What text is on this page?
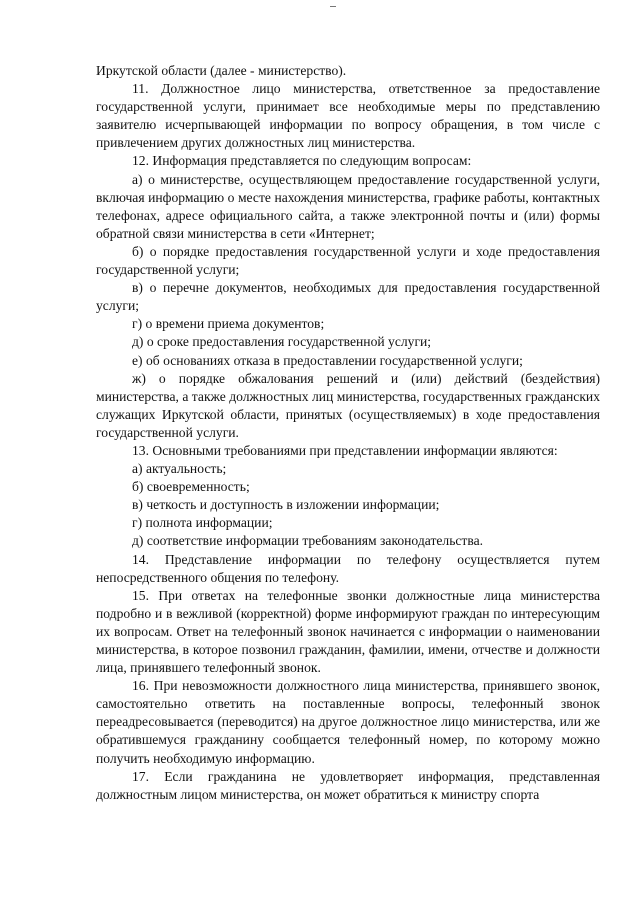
Иркутской области (далее - министерство).

11. Должностное лицо министерства, ответственное за предоставление государственной услуги, принимает все необходимые меры по представлению заявителю исчерпывающей информации по вопросу обращения, в том числе с привлечением других должностных лиц министерства.

12. Информация представляется по следующим вопросам:

а) о министерстве, осуществляющем предоставление государственной услуги, включая информацию о месте нахождения министерства, графике работы, контактных телефонах, адресе официального сайта, а также электронной почты и (или) формы обратной связи министерства в сети «Интернет;

б) о порядке предоставления государственной услуги и ходе предоставления государственной услуги;

в) о перечне документов, необходимых для предоставления государственной услуги;

г) о времени приема документов;

д) о сроке предоставления государственной услуги;

е) об основаниях отказа в предоставлении государственной услуги;

ж) о порядке обжалования решений и (или) действий (бездействия) министерства, а также должностных лиц министерства, государственных гражданских служащих Иркутской области, принятых (осуществляемых) в ходе предоставления государственной услуги.

13. Основными требованиями при представлении информации являются:

а) актуальность;

б) своевременность;

в) четкость и доступность в изложении информации;

г) полнота информации;

д) соответствие информации требованиям законодательства.

14. Представление информации по телефону осуществляется путем непосредственного общения по телефону.

15. При ответах на телефонные звонки должностные лица министерства подробно и в вежливой (корректной) форме информируют граждан по интересующим их вопросам. Ответ на телефонный звонок начинается с информации о наименовании министерства, в которое позвонил гражданин, фамилии, имени, отчестве и должности лица, принявшего телефонный звонок.

16. При невозможности должностного лица министерства, принявшего звонок, самостоятельно ответить на поставленные вопросы, телефонный звонок переадресовывается (переводится) на другое должностное лицо министерства, или же обратившемуся гражданину сообщается телефонный номер, по которому можно получить необходимую информацию.

17. Если гражданина не удовлетворяет информация, представленная должностным лицом министерства, он может обратиться к министру спорта
